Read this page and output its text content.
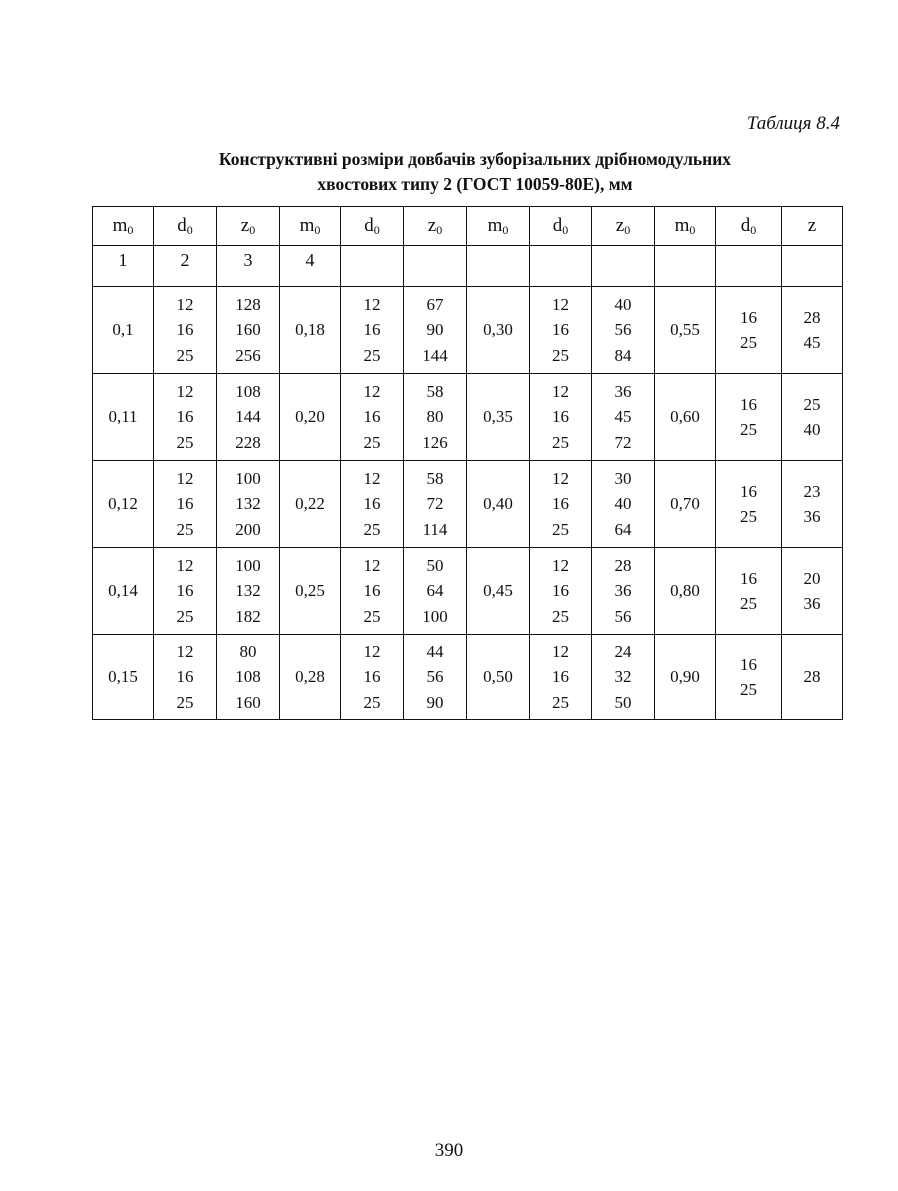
Таблиця 8.4
Конструктивні розміри довбачів зуборізальних дрібномодульних
хвостових типу 2 (ГОСТ 10059-80Е), мм
$m_0$	$d_0$	$z_0$	$m_0$	$d_0$	$z_0$	$m_0$	$d_0$	$z_0$	$m_0$	$d_0$	z
1	2	3	4								

0,1	12
16
25	128
160
256	0,18	12
16
25	67
90
144	0,30	12
16
25	40
56
84	0,55	16
25	28
45

0,11	12
16
25	108
144
228	0,20	12
16
25	58
80
126	0,35	12
16
25	36
45
72	0,60	16
25	25
40

0,12	12
16
25	100
132
200	0,22	12
16
25	58
72
114	0,40	12
16
25	30
40
64	0,70	16
25	23
36

0,14	12
16
25	100
132
182	0,25	12
16
25	50
64
100	0,45	12
16
25	28
36
56	0,80	16
25	20
36

0,15	12
16
25	80
108
160	0,28	12
16
25	44
56
90	0,50	12
16
25	24
32
50	0,90	16
25	28
390
